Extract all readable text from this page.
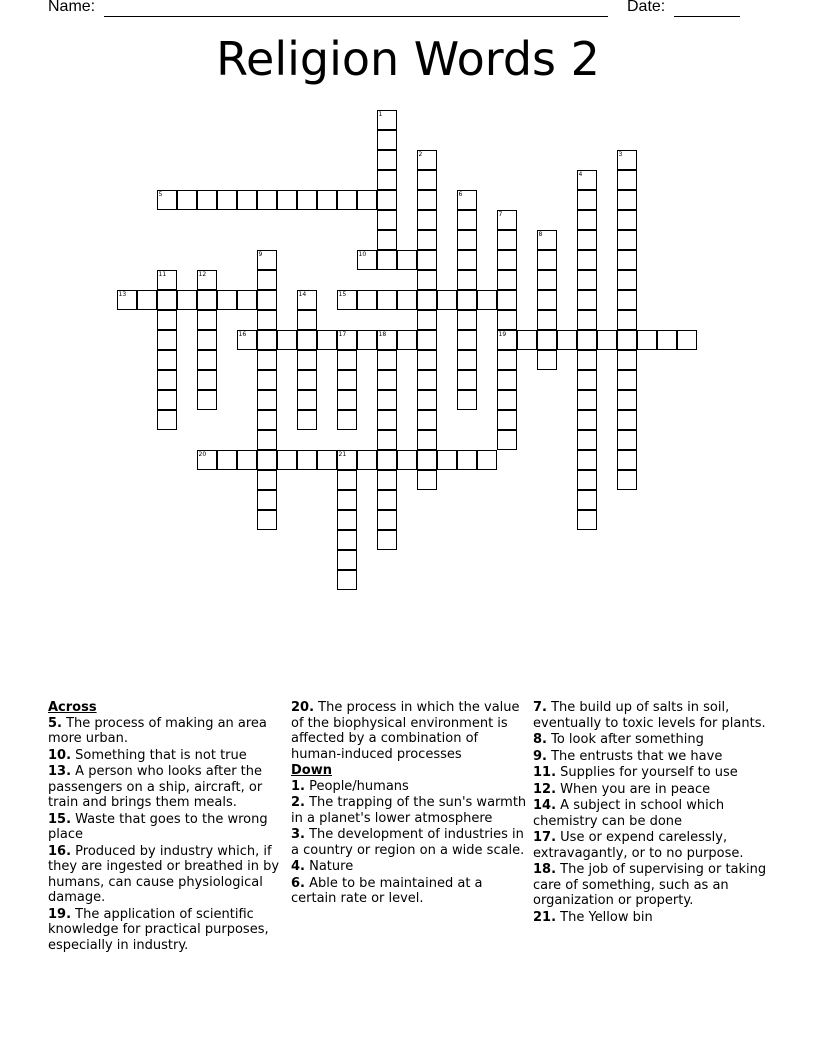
Name:	Date:
Religion Words 2
1
2	3
4
5	6
7
19
8
9	10
11	12
13	14	15
16	17	18
20	21
Across
5. The process of making an area more urban.
10. Something that is not true
13. A person who looks after the passengers on a ship, aircraft, or train and brings them meals.
15. Waste that goes to the wrong place
16. Produced by industry which, if they are ingested or breathed in by humans, can cause physiological damage.
19. The application of scientific knowledge for practical purposes, especially in industry.
20. The process in which the value of the biophysical environment is affected by a combination of human-induced processes
Down
1. People/humans
2. The trapping of the sun's warmth in a planet's lower atmosphere
3. The development of industries in a country or region on a wide scale.
4. Nature
6. Able to be maintained at a certain rate or level.
7. The build up of salts in soil, eventually to toxic levels for plants.
8. To look after something
9. The entrusts that we have
11. Supplies for yourself to use
12. When you are in peace
14. A subject in school which chemistry can be done
17. Use or expend carelessly, extravagantly, or to no purpose.
18. The job of supervising or taking care of something, such as an organization or property.
21. The Yellow bin
